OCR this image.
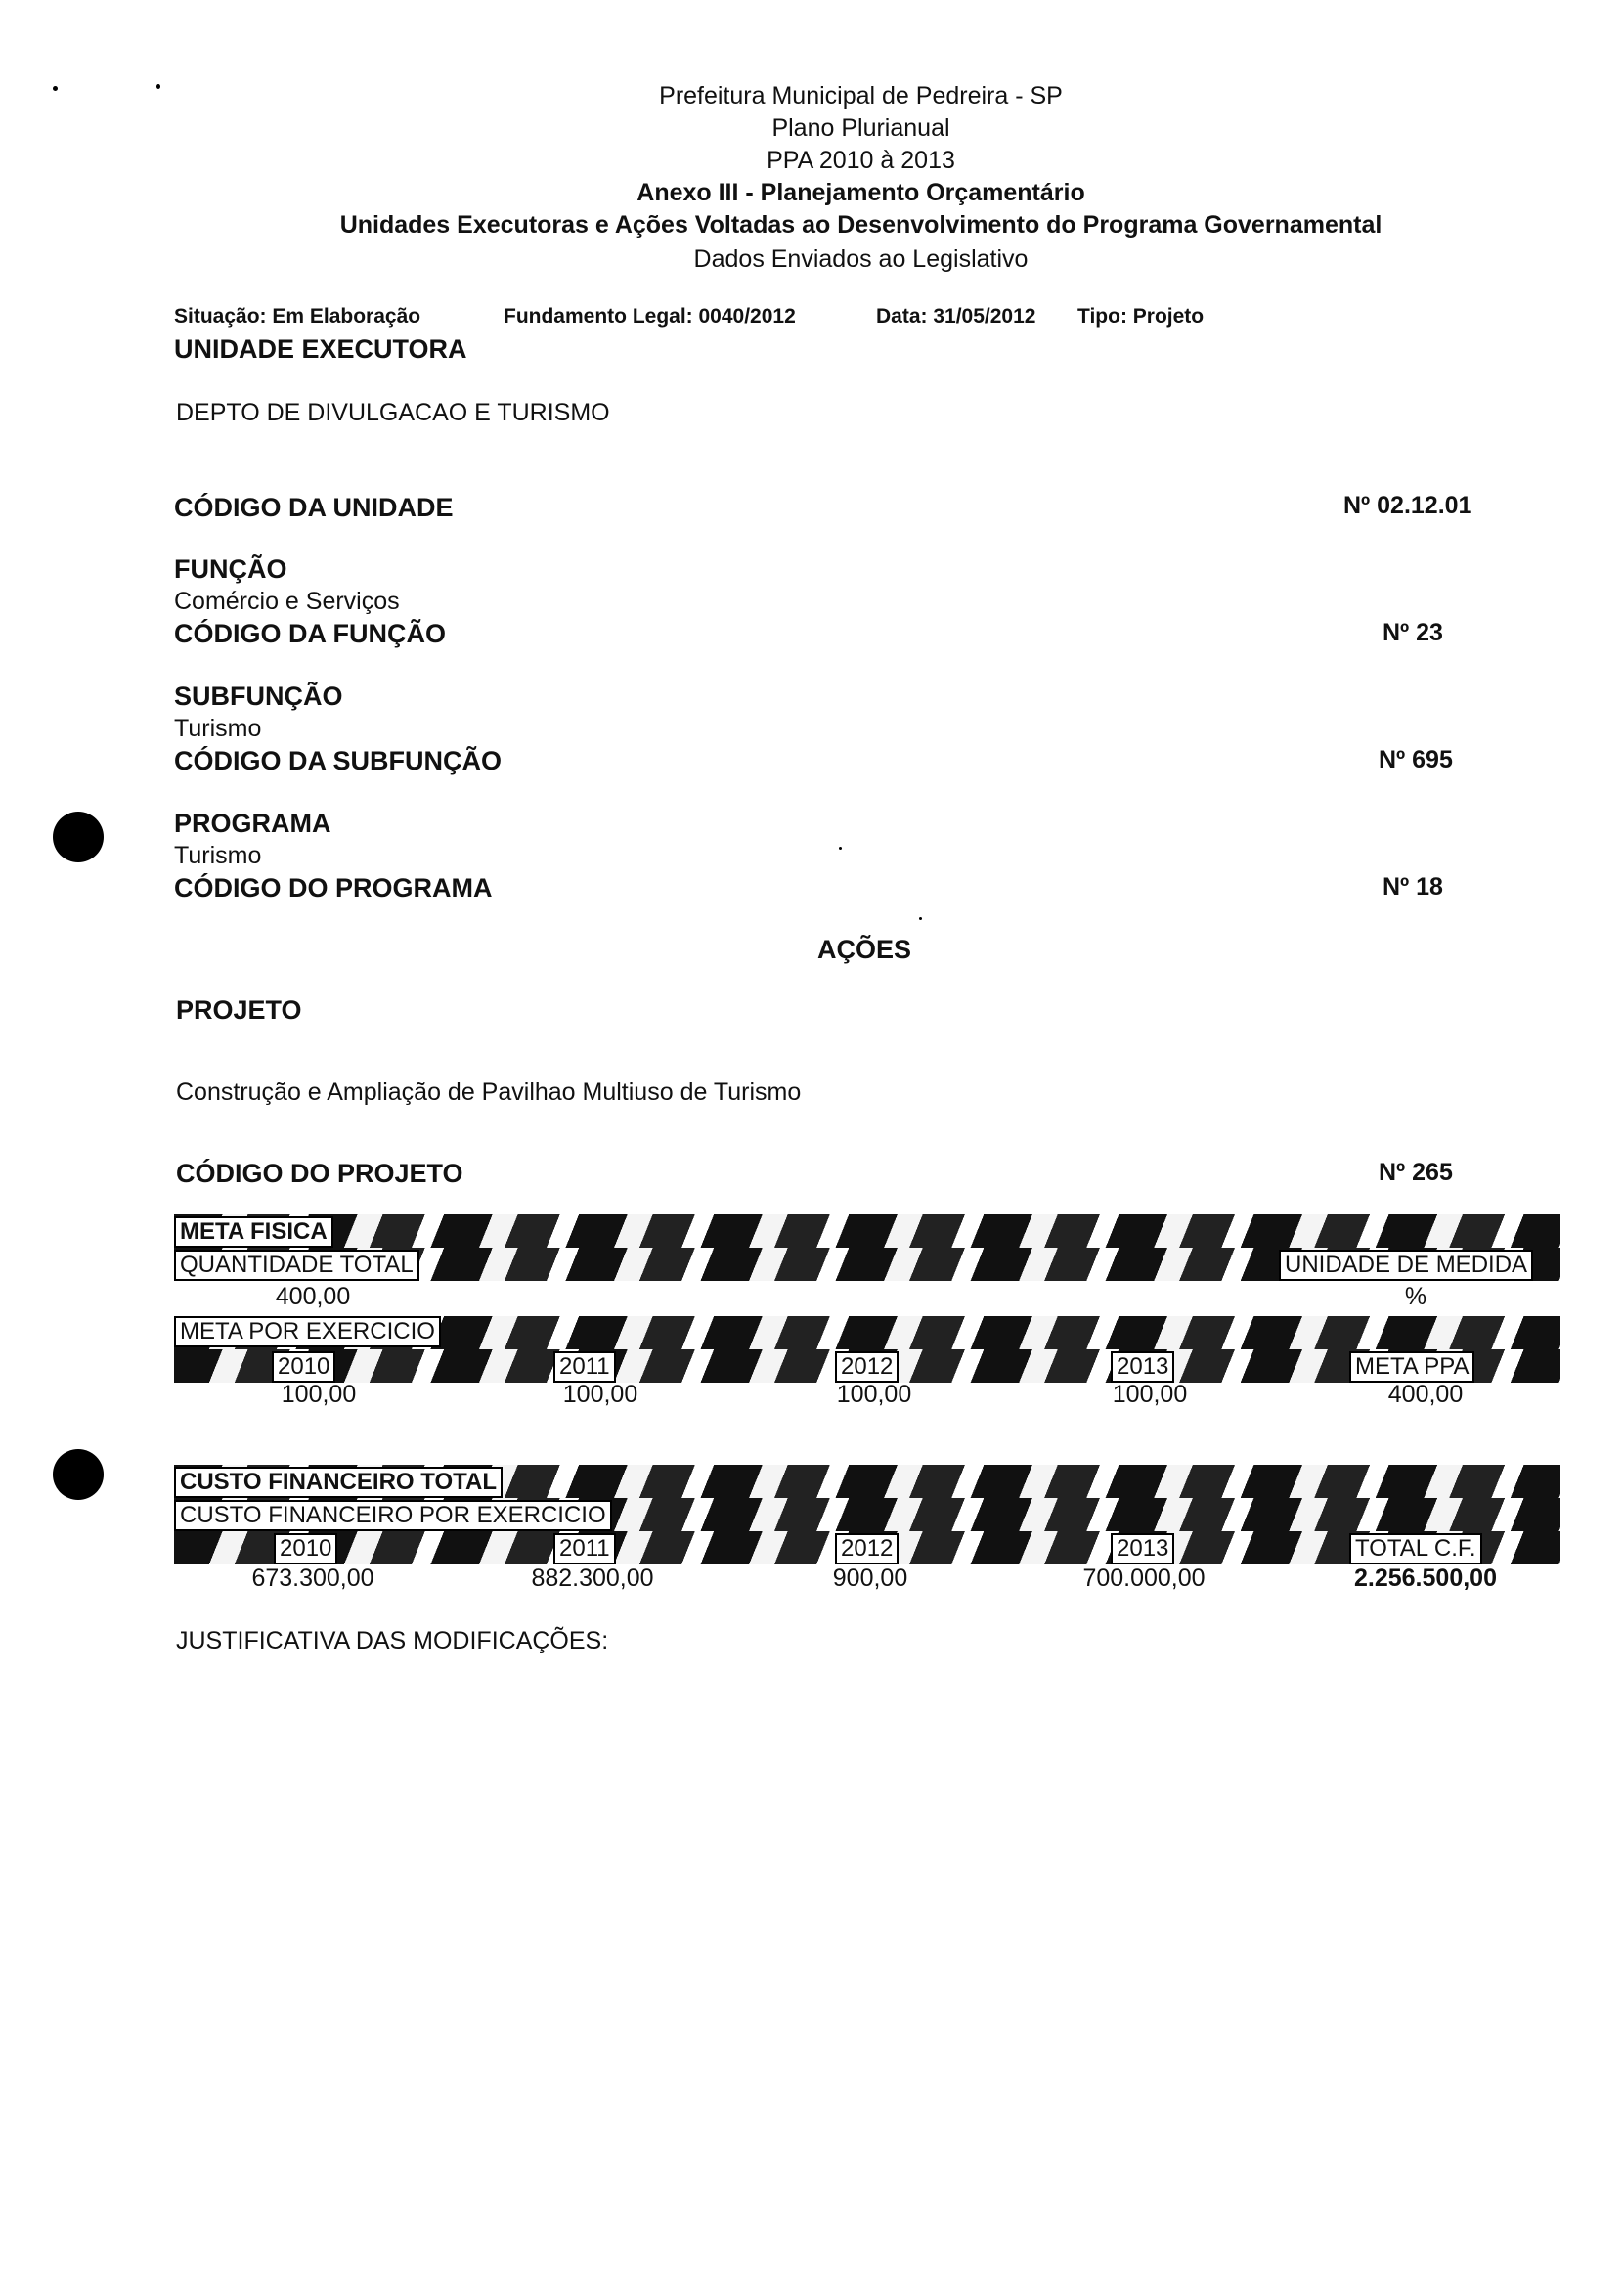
Prefeitura Municipal de Pedreira - SP
Plano Plurianual
PPA 2010 à 2013
Anexo III - Planejamento Orçamentário
Unidades Executoras e Ações Voltadas ao Desenvolvimento do Programa Governamental
Dados Enviados ao Legislativo
Situação: Em Elaboração	Fundamento Legal: 0040/2012	Data: 31/05/2012 Tipo: Projeto
UNIDADE EXECUTORA
DEPTO DE DIVULGACAO E TURISMO
CÓDIGO DA UNIDADE	Nº 02.12.01
FUNÇÃO
Comércio e Serviços
CÓDIGO DA FUNÇÃO	Nº 23
SUBFUNÇÃO
Turismo
CÓDIGO DA SUBFUNÇÃO	Nº 695
PROGRAMA
Turismo
CÓDIGO DO PROGRAMA	Nº 18
AÇÕES
PROJETO
Construção e Ampliação de Pavilhao Multiuso de Turismo
CÓDIGO DO PROJETO	Nº 265
META FISICA
QUANTIDADE TOTAL	UNIDADE DE MEDIDA
400,00	%
META POR EXERCICIO
2010	2011	2012	2013	META PPA
100,00	100,00	100,00	100,00	400,00
CUSTO FINANCEIRO TOTAL
CUSTO FINANCEIRO POR EXERCICIO
2010	2011	2012	2013	TOTAL C.F.
673.300,00	882.300,00	900,00	700.000,00	2.256.500,00
JUSTIFICATIVA DAS MODIFICAÇÕES:
